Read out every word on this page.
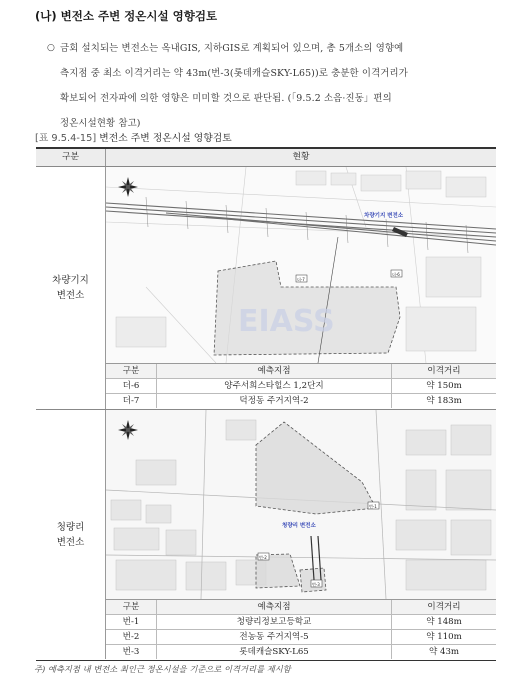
(나) 변전소 주변 정온시설 영향검토
○ 금회 설치되는 변전소는 옥내GIS, 지하GIS로 계획되어 있으며, 총 5개소의 영향예
측지점 중 최소 이격거리는 약 43m(번-3(롯데캐슬SKY-L65))로 충분한 이격거리가
확보되어 전자파에 의한 영향은 미미할 것으로 판단됨. (「9.5.2 소음·진동」편의
정온시설현황 참고)
[표 9.5.4-15] 변전소 주변 정온시설 영향검토
구분	현황
차량기지
변전소
차량기지 변전소
더-6
더-7
EIASS
구분	예측지점	이격거리
더-6	양주서희스타힐스 1,2단지	약 150m
더-7	덕정동 주거지역-2	약 183m
청량리
변전소
청량리 변전소
번-1
번-2
번-3
구분	예측지점	이격거리
번-1	청량리정보고등학교	약 148m
번-2	전농동 주거지역-5	약 110m
번-3	롯데캐슬SKY-L65	약 43m
주) 예측지점 내 변전소 최인근 정온시설을 기준으로 이격거리를 제시함
